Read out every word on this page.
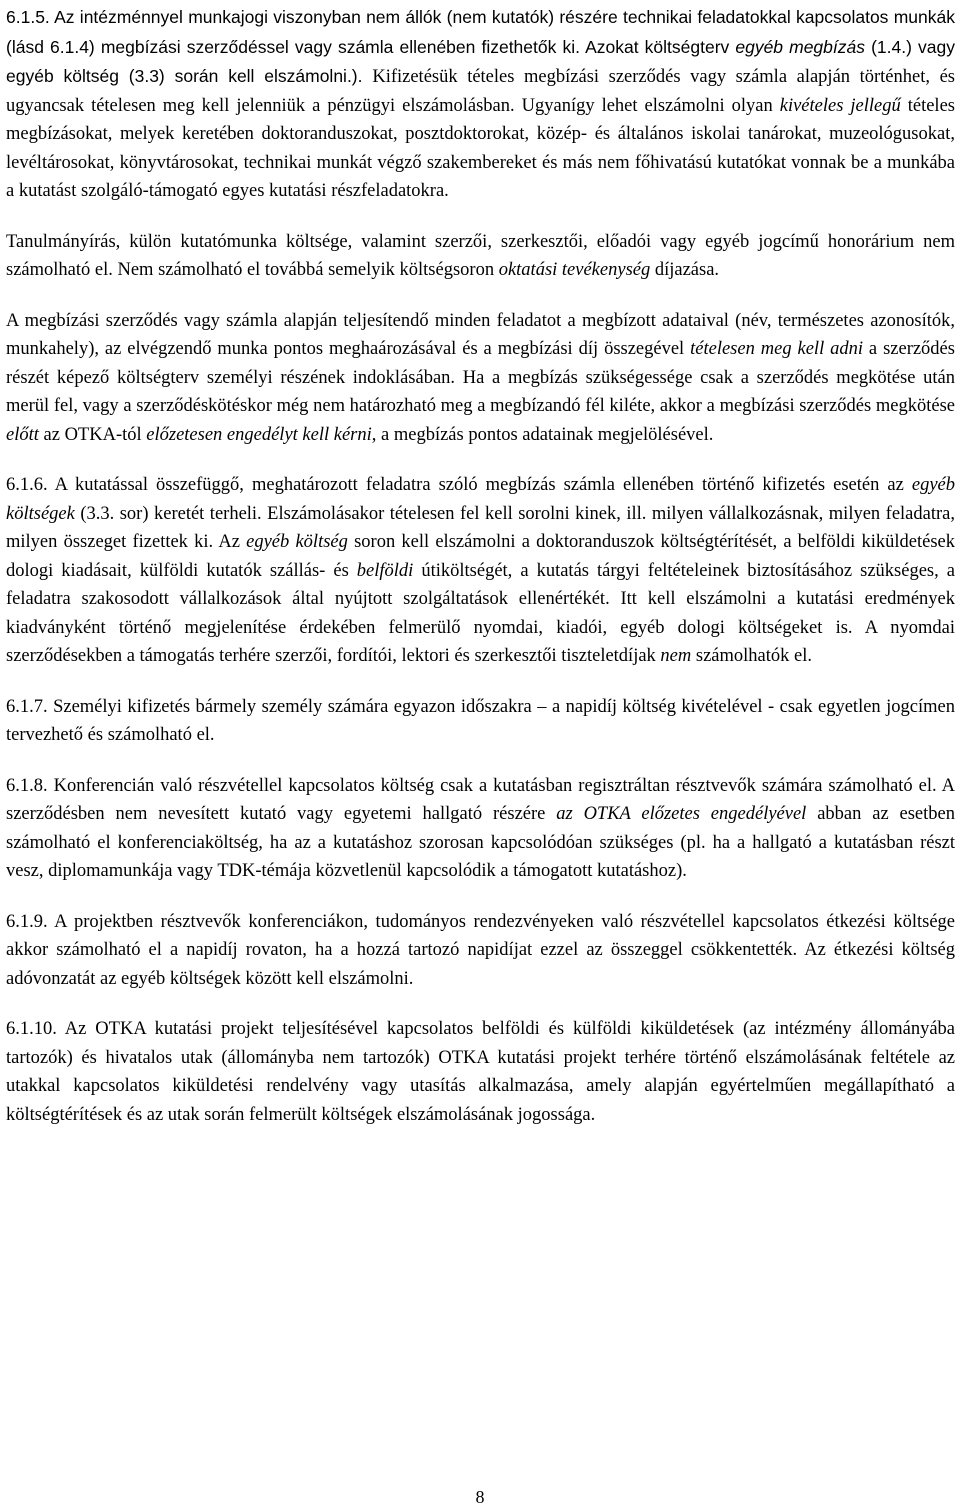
6.1.5. Az intézménnyel munkajogi viszonyban nem állók (nem kutatók) részére technikai feladatokkal kapcsolatos munkák (lásd 6.1.4) megbízási szerződéssel vagy számla ellenében fizethetők ki. Azokat költségterv egyéb megbízás (1.4.) vagy egyéb költség (3.3) során kell elszámolni.). Kifizetésük tételes megbízási szerződés vagy számla alapján történhet, és ugyancsak tételesen meg kell jelenniük a pénzügyi elszámolásban. Ugyanígy lehet elszámolni olyan kivételes jellegű tételes megbízásokat, melyek keretében doktoranduszokat, posztdoktorokat, közép- és általános iskolai tanárokat, muzeológusokat, levéltárosokat, könyvtárosokat, technikai munkát végző szakembereket és más nem főhivatású kutatókat vonnak be a munkába a kutatást szolgáló-támogató egyes kutatási részfeladatokra.

Tanulmányírás, külön kutatómunka költsége, valamint szerzői, szerkesztői, előadói vagy egyéb jogcímű honorárium nem számolható el. Nem számolható el továbbá semelyik költségsoron oktatási tevékenység díjazása.

A megbízási szerződés vagy számla alapján teljesítendő minden feladatot a megbízott adataival (név, természetes azonosítók, munkahely), az elvégzendő munka pontos meghaározásával és a megbízási díj összegével tételesen meg kell adni a szerződés részét képező költségterv személyi részének indoklásában. Ha a megbízás szükségessége csak a szerződés megkötése után merül fel, vagy a szerződéskötéskor még nem határozható meg a megbízandó fél kiléte, akkor a megbízási szerződés megkötése előtt az OTKA-tól előzetesen engedélyt kell kérni, a megbízás pontos adatainak megjelölésével.

6.1.6. A kutatással összefüggő, meghatározott feladatra szóló megbízás számla ellenében történő kifizetés esetén az egyéb költségek (3.3. sor) keretét terheli. Elszámolásakor tételesen fel kell sorolni kinek, ill. milyen vállalkozásnak, milyen feladatra, milyen összeget fizettek ki. Az egyéb költség soron kell elszámolni a doktoranduszok költségtérítését, a belföldi kiküldetések dologi kiadásait, külföldi kutatók szállás- és belföldi útiköltségét, a kutatás tárgyi feltételeinek biztosításához szükséges, a feladatra szakosodott vállalkozások által nyújtott szolgáltatások ellenértékét. Itt kell elszámolni a kutatási eredmények kiadványként történő megjelenítése érdekében felmerülő nyomdai, kiadói, egyéb dologi költségeket is. A nyomdai szerződésekben a támogatás terhére szerzői, fordítói, lektori és szerkesztői tiszteletdíjak nem számolhatók el.

6.1.7. Személyi kifizetés bármely személy számára egyazon időszakra – a napidíj költség kivételével - csak egyetlen jogcímen tervezhető és számolható el.

6.1.8. Konferencián való részvétellel kapcsolatos költség csak a kutatásban regisztráltan résztvevők számára számolható el. A szerződésben nem nevesített kutató vagy egyetemi hallgató részére az OTKA előzetes engedélyével abban az esetben számolható el konferenciaköltség, ha az a kutatáshoz szorosan kapcsolódóan szükséges (pl. ha a hallgató a kutatásban részt vesz, diplomamunkája vagy TDK-témája közvetlenül kapcsolódik a támogatott kutatáshoz).

6.1.9. A projektben résztvevők konferenciákon, tudományos rendezvényeken való részvétellel kapcsolatos étkezési költsége akkor számolható el a napidíj rovaton, ha a hozzá tartozó napidíjat ezzel az összeggel csökkentették. Az étkezési költség adóvonzatát az egyéb költségek között kell elszámolni.

6.1.10. Az OTKA kutatási projekt teljesítésével kapcsolatos belföldi és külföldi kiküldetések (az intézmény állományába tartozók) és hivatalos utak (állományba nem tartozók) OTKA kutatási projekt terhére történő elszámolásának feltétele az utakkal kapcsolatos kiküldetési rendelvény vagy utasítás alkalmazása, amely alapján egyértelműen megállapítható a költségtérítések és az utak során felmerült költségek elszámolásának jogossága.

8
